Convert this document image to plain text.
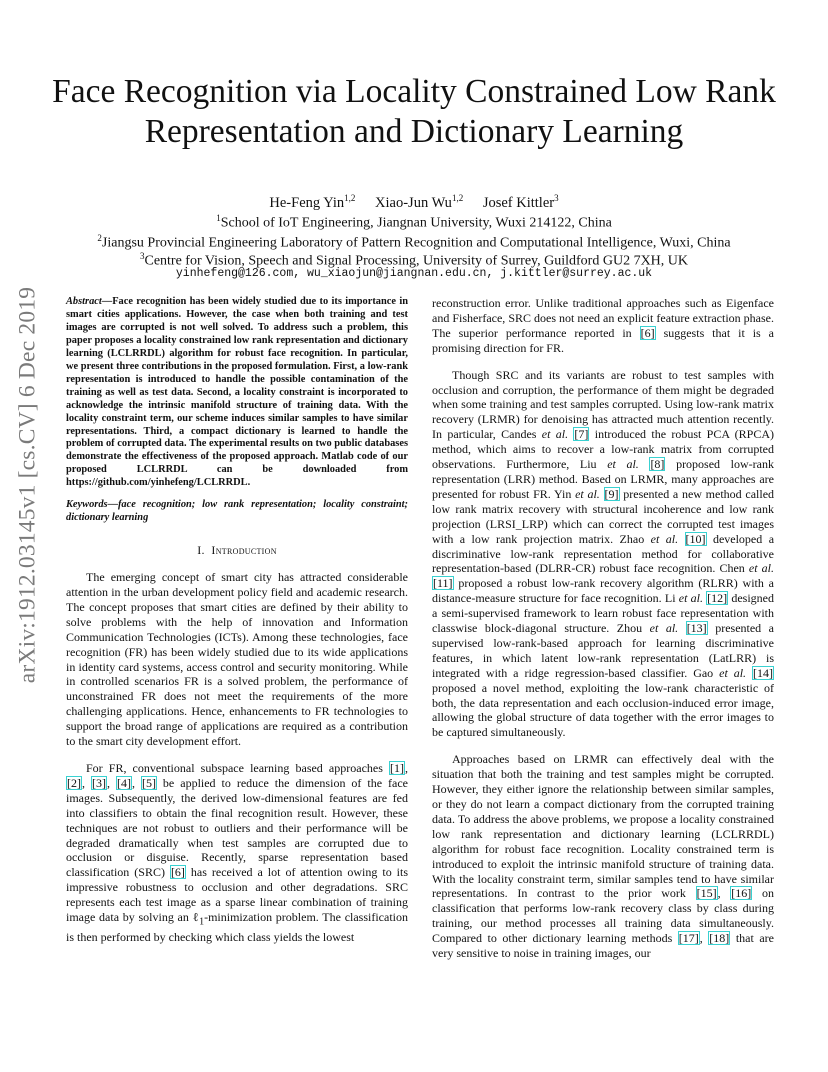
Face Recognition via Locality Constrained Low Rank Representation and Dictionary Learning
He-Feng Yin$^{1,2}$ Xiao-Jun Wu$^{1,2}$ Josef Kittler$^3$
$^1$School of IoT Engineering, Jiangnan University, Wuxi 214122, China
$^2$Jiangsu Provincial Engineering Laboratory of Pattern Recognition and Computational Intelligence, Wuxi, China
$^3$Centre for Vision, Speech and Signal Processing, University of Surrey, Guildford GU2 7XH, UK
yinhefeng@126.com, wu_xiaojun@jiangnan.edu.cn, j.kittler@surrey.ac.uk
arXiv:1912.03145v1 [cs.CV] 6 Dec 2019 Abstract—Face recognition has been widely studied due to its importance in smart cities applications. However, the case when both training and test images are corrupted is not well solved. To address such a problem, this paper proposes a locality constrained low rank representation and dictionary learning (LCLRRDL) algorithm for robust face recognition. In particular, we present three contributions in the proposed formulation. First, a low-rank representation is introduced to handle the possible contamination of the training as well as test data. Second, a locality constraint is incorporated to acknowledge the intrinsic manifold structure of training data. With the locality constraint term, our scheme induces similar samples to have similar representations. Third, a compact dictionary is learned to handle the problem of corrupted data. The experimental results on two public databases demonstrate the effectiveness of the proposed approach. Matlab code of our proposed LCLRRDL can be downloaded from https://github.com/yinhefeng/LCLRRDL.

Keywords—face recognition; low rank representation; locality constraint; dictionary learning

I. Introduction

The emerging concept of smart city has attracted considerable attention in the urban development policy field and academic research. The concept proposes that smart cities are defined by their ability to solve problems with the help of innovation and Information Communication Technologies (ICTs). Among these technologies, face recognition (FR) has been widely studied due to its wide applications in identity card systems, access control and security monitoring. While in controlled scenarios FR is a solved problem, the performance of unconstrained FR does not meet the requirements of the more challenging applications. Hence, enhancements to FR technologies to support the broad range of applications are required as a contribution to the smart city development effort.

For FR, conventional subspace learning based approaches [1], [2], [3], [4], [5] be applied to reduce the dimension of the face images. Subsequently, the derived low-dimensional features are fed into classifiers to obtain the final recognition result. However, these techniques are not robust to outliers and their performance will be degraded dramatically when test samples are corrupted due to occlusion or disguise. Recently, sparse representation based classification (SRC) [6] has received a lot of attention owing to its impressive robustness to occlusion and other degradations. SRC represents each test image as a sparse linear combination of training image data by solving an ℓ$_1$-minimization problem. The classification is then performed by checking which class yields the lowest

reconstruction error. Unlike traditional approaches such as Eigenface and Fisherface, SRC does not need an explicit feature extraction phase. The superior performance reported in [6] suggests that it is a promising direction for FR.

Though SRC and its variants are robust to test samples with occlusion and corruption, the performance of them might be degraded when some training and test samples corrupted. Using low-rank matrix recovery (LRMR) for denoising has attracted much attention recently. In particular, Candes et al. [7] introduced the robust PCA (RPCA) method, which aims to recover a low-rank matrix from corrupted observations. Furthermore, Liu et al. [8] proposed low-rank representation (LRR) method. Based on LRMR, many approaches are presented for robust FR. Yin et al. [9] presented a new method called low rank matrix recovery with structural incoherence and low rank projection (LRSI_LRP) which can correct the corrupted test images with a low rank projection matrix. Zhao et al. [10] developed a discriminative low-rank representation method for collaborative representation-based (DLRR-CR) robust face recognition. Chen et al. [11] proposed a robust low-rank recovery algorithm (RLRR) with a distance-measure structure for face recognition. Li et al. [12] designed a semi-supervised framework to learn robust face representation with classwise block-diagonal structure. Zhou et al. [13] presented a supervised low-rank-based approach for learning discriminative features, in which latent low-rank representation (LatLRR) is integrated with a ridge regression-based classifier. Gao et al. [14] proposed a novel method, exploiting the low-rank characteristic of both, the data representation and each occlusion-induced error image, allowing the global structure of data together with the error images to be captured simultaneously.

Approaches based on LRMR can effectively deal with the situation that both the training and test samples might be corrupted. However, they either ignore the relationship between similar samples, or they do not learn a compact dictionary from the corrupted training data. To address the above problems, we propose a locality constrained low rank representation and dictionary learning (LCLRRDL) algorithm for robust face recognition. Locality constrained term is introduced to exploit the intrinsic manifold structure of training data. With the locality constraint term, similar samples tend to have similar representations. In contrast to the prior work [15], [16] on classification that performs low-rank recovery class by class during training, our method processes all training data simultaneously. Compared to other dictionary learning methods [17], [18] that are very sensitive to noise in training images, our
